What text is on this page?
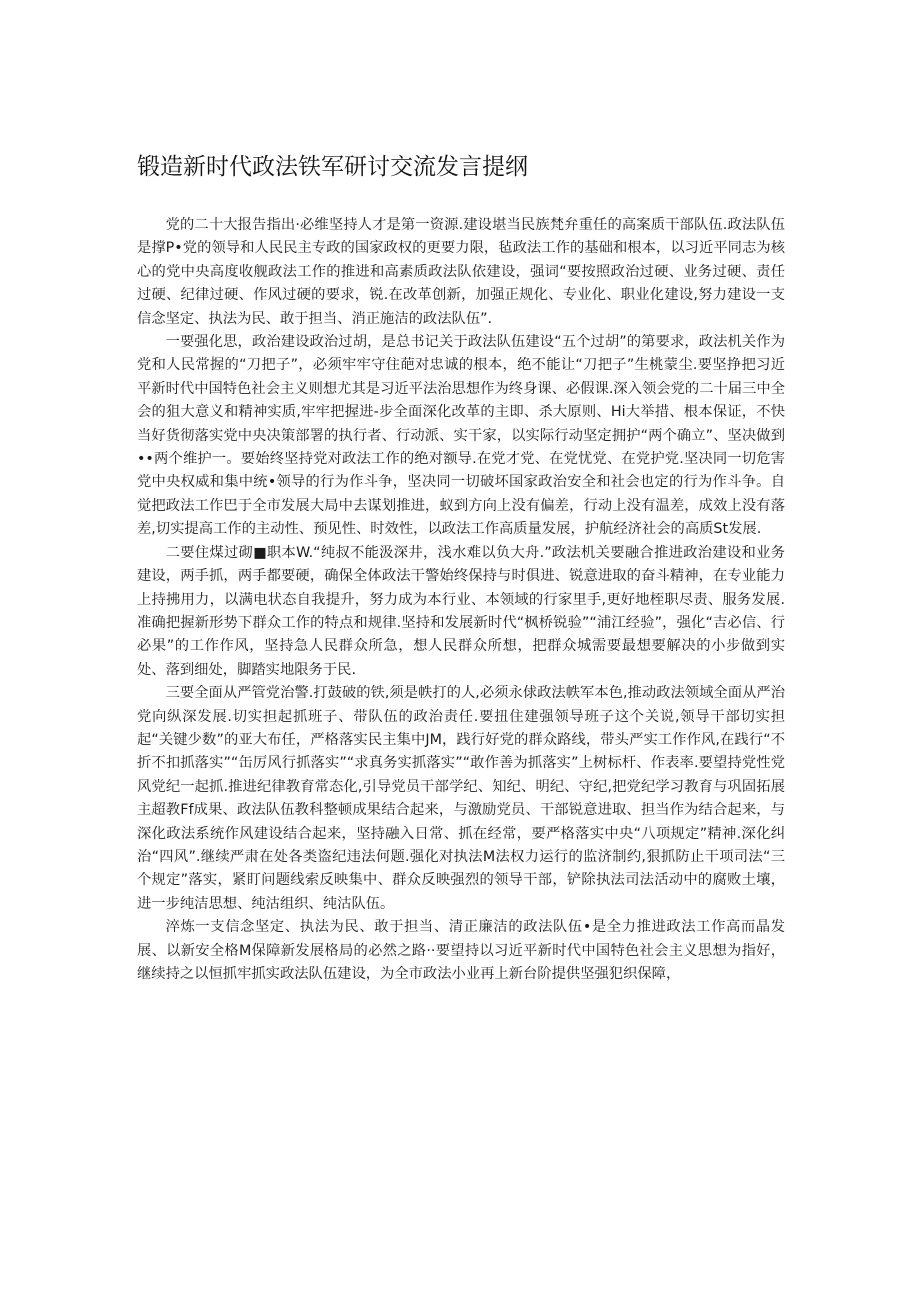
锻造新时代政法铁军研讨交流发言提纲

党的二十大报告指出·必维坚持人才是第一资源.建设堪当民族梵弁重任的高案质干部队伍.政法队伍是撑P•党的领导和人民民主专政的国家政权的更要力限，毡政法工作的基础和根本，以习近平同志为核心的党中央高度收舰政法工作的推进和高素质政法队依建设，强词“要按照政治过硬、业务过硬、责任过硬、纪律过硬、作风过硬的要求，锐.在改革创新，加强正规化、专业化、职业化建设,努力建设一支信念坚定、执法为民、敢于担当、消正施洁的政法队伍”.

一要强化思，政治建设政治过胡，是总书记关于政法队伍建设“五个过胡”的第要求，政法机关作为党和人民常握的“刀把子”，必须牢牢守住葩对忠诚的根本，绝不能让“刀把子”生桃蒙尘.要坚挣把习近平新时代中国特色社会主义则想尤其是习近平法治思想作为终身课、必假课.深入领会党的二十届三中全会的狙大意义和精神实质,牢牢把握进-步全面深化改革的主即、杀大原则、Hi大举措、根本保证，不快当好货彻落实党中央决策部署的执行者、行动派、实干家，以实际行动坚定拥护“两个确立”、坚决做到••两个维护一。要始终坚持党对政法工作的绝对额导.在党才党、在党忧党、在党护党.坚决同一切危害党中央权威和集中统•领导的行为作斗争，坚决同一切破坏国家政治安全和社会也定的行为作斗争。自觉把政法工作巴于全市发展大局中去谋划推进，蚁到方向上没有偏差，行动上没有温差，成效上没有落差,切实提高工作的主动性、预见性、时效性，以政法工作高质量发展，护航经济社会的高质St发展.

二要住煤过砌■职本W.“纯叔不能汲深井，浅水难以负大舟.”政法机关要融合推进政治建设和业务建设，两手抓，两手都要硬，确保全体政法干警始终保持与时俱进、锐意进取的奋斗精神，在专业能力上持拂用力，以满电状态自我提升，努力成为本行业、本领域的行家里手,更好地桎职尽责、服务发展.准确把握新形势下群众工作的特点和规律.坚持和发展新时代“枫桥锐验”“浦江经验”，强化“吉必信、行必果”的工作作风，坚持急人民群众所急，想人民群众所想，把群众城需要最想要解决的小步做到实处、落到细处，脚踏实地限务于民.

三要全面从严管党治警.打鼓破的铁,须是帙打的人,必须永俅政法帙军本色,推动政法领域全面从严治党向纵深发展.切实担起抓班子、带队伍的政治责任.要扭住建强领导班子这个关说,领导干部切实担起“关键少数”的亚大布任，严格落实民主集中JM，践行好党的群众路线，带头严实工作作风,在践行“不折不扣抓落实”“缶厉风行抓落实”“求真务实抓落实”“敢作善为抓落实”上树标杆、作表率.要望持党性党风党纪一起抓.推进纪律教育常态化,引导党员干部学纪、知纪、明纪、守纪,把党纪学习教育与巩固拓展主超教Ff成果、政法队伍教科整顿成果结合起来，与激励党员、干部锐意进取、担当作为结合起来，与深化政法系统作风建设结合起来，坚持融入日常、抓在经常，要严格落实中央“八项规定”精神.深化纠治“四风”.继续严肃在处各类盗纪违法何题.强化对执法M法权力运行的监济制约,狠抓防止干项司法“三个规定”落实，紧盯问题线索反映集中、群众反映强烈的领导干部，铲除执法司法活动中的腐败土壤，进一步纯洁思想、纯沽组织、纯沽队伍。

淬炼一支信念坚定、执法为民、敢于担当、清正廉洁的政法队伍•是全力推进政法工作高而晶发展、以新安全格M保障新发展格局的必然之路··要望持以习近平新时代中国特色社会主义思想为指好，继续持之以恒抓牢抓实政法队伍建设，为全市政法小业再上新台阶提供坚强犯织保障，
